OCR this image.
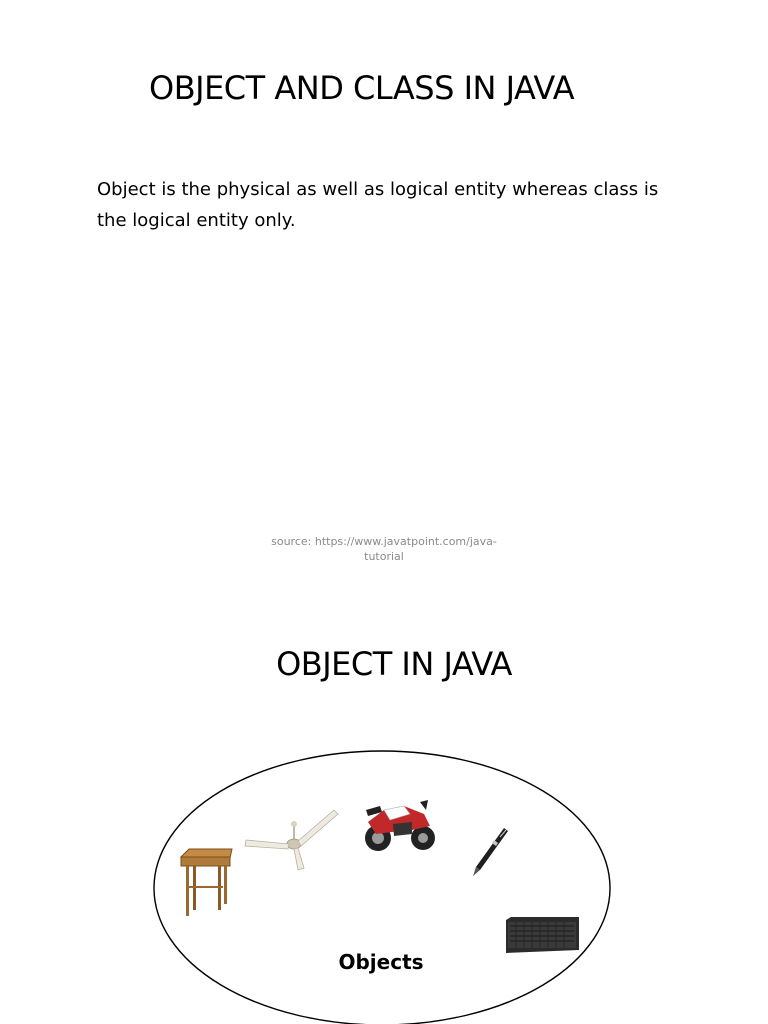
OBJECT AND CLASS IN JAVA
Object is the physical as well as logical entity whereas class is the logical entity only.
source: https://www.javatpoint.com/java-tutorial
OBJECT IN JAVA
Objects
